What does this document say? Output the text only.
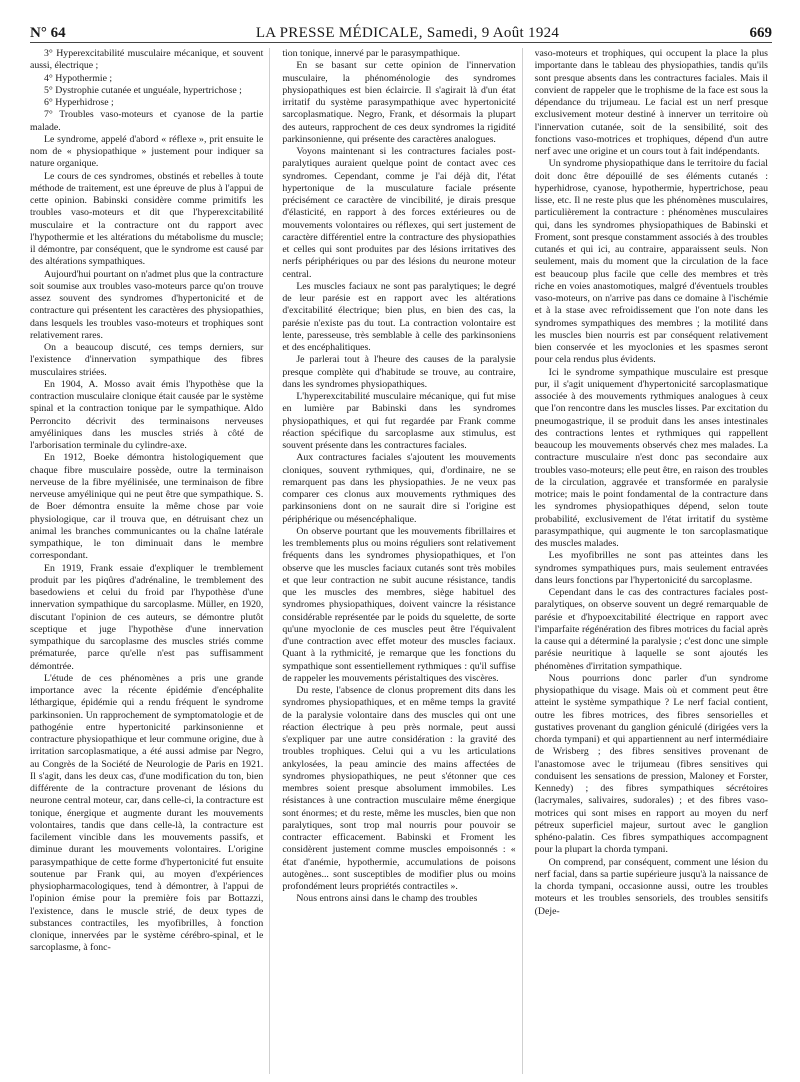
N° 64	LA PRESSE MÉDICALE, Samedi, 9 Août 1924	669

3° Hyperexcitabilité musculaire mécanique, et souvent aussi, électrique ;

4° Hypothermie ;

5° Dystrophie cutanée et unguéale, hypertrichose ;

6° Hyperhidrose ;

7° Troubles vaso-moteurs et cyanose de la partie malade.

Le syndrome, appelé d'abord « réflexe », prit ensuite le nom de « physiopathique » justement pour indiquer sa nature organique.

Le cours de ces syndromes, obstinés et rebelles à toute méthode de traitement, est une épreuve de plus à l'appui de cette opinion. Babinski considère comme primitifs les troubles vaso-moteurs et dit que l'hyperexcitabilité musculaire et la contracture ont du rapport avec l'hypothermie et les altérations du métabolisme du muscle; il démontre, par conséquent, que le syndrome est causé par des altérations sympathiques.

Aujourd'hui pourtant on n'admet plus que la contracture soit soumise aux troubles vaso-moteurs parce qu'on trouve assez souvent des syndromes d'hypertonicité et de contracture qui présentent les caractères des physiopathies, dans lesquels les troubles vaso-moteurs et trophiques sont relativement rares.

On a beaucoup discuté, ces temps derniers, sur l'existence d'innervation sympathique des fibres musculaires striées.

En 1904, A. Mosso avait émis l'hypothèse que la contraction musculaire clonique était causée par le système spinal et la contraction tonique par le sympathique. Aldo Perroncito décrivit des terminaisons nerveuses amyéliniques dans les muscles striés à côté de l'arborisation terminale du cylindre-axe.

En 1912, Boeke démontra histologiquement que chaque fibre musculaire possède, outre la terminaison nerveuse de la fibre myélinisée, une terminaison de fibre nerveuse amyélinique qui ne peut être que sympathique. S. de Boer démontra ensuite la même chose par voie physiologique, car il trouva que, en détruisant chez un animal les branches communicantes ou la chaîne latérale sympathique, le ton diminuait dans le membre correspondant.

En 1919, Frank essaie d'expliquer le tremblement produit par les piqûres d'adrénaline, le tremblement des basedowiens et celui du froid par l'hypothèse d'une innervation sympathique du sarcoplasme. Müller, en 1920, discutant l'opinion de ces auteurs, se démontre plutôt sceptique et juge l'hypothèse d'une innervation sympathique du sarcoplasme des muscles striés comme prématurée, parce qu'elle n'est pas suffisamment démontrée.

L'étude de ces phénomènes a pris une grande importance avec la récente épidémie d'encéphalite léthargique, épidémie qui a rendu fréquent le syndrome parkinsonien. Un rapprochement de symptomatologie et de pathogénie entre hypertonicité parkinsonienne et contracture physiopathique et leur commune origine, due à irritation sarcoplasmatique, a été aussi admise par Negro, au Congrès de la Société de Neurologie de Paris en 1921. Il s'agit, dans les deux cas, d'une modification du ton, bien différente de la contracture provenant de lésions du neurone central moteur, car, dans celle-ci, la contracture est tonique, énergique et augmente durant les mouvements volontaires, tandis que dans celle-là, la contracture est facilement vincible dans les mouvements passifs, et diminue durant les mouvements volontaires. L'origine parasympathique de cette forme d'hypertonicité fut ensuite soutenue par Frank qui, au moyen d'expériences physiopharmacologiques, tend à démontrer, à l'appui de l'opinion émise pour la première fois par Bottazzi, l'existence, dans le muscle strié, de deux types de substances contractiles, les myofibrilles, à fonction clonique, innervées par le système cérébro-spinal, et le sarcoplasme, à fonc-

tion tonique, innervé par le parasympathique.

En se basant sur cette opinion de l'innervation musculaire, la phénoménologie des syndromes physiopathiques est bien éclaircie. Il s'agirait là d'un état irritatif du système parasympathique avec hypertonicité sarcoplasmatique. Negro, Frank, et désormais la plupart des auteurs, rapprochent de ces deux syndromes la rigidité parkinsonienne, qui présente des caractères analogues.

Voyons maintenant si les contractures faciales post-paralytiques auraient quelque point de contact avec ces syndromes. Cependant, comme je l'ai déjà dit, l'état hypertonique de la musculature faciale présente précisément ce caractère de vincibilité, je dirais presque d'élasticité, en rapport à des forces extérieures ou de mouvements volontaires ou réflexes, qui sert justement de caractère différentiel entre la contracture des physiopathies et celles qui sont produites par des lésions irritatives des nerfs périphériques ou par des lésions du neurone moteur central.

Les muscles faciaux ne sont pas paralytiques; le degré de leur parésie est en rapport avec les altérations d'excitabilité électrique; bien plus, en bien des cas, la parésie n'existe pas du tout. La contraction volontaire est lente, paresseuse, très semblable à celle des parkinsoniens et des encéphalitiques.

Je parlerai tout à l'heure des causes de la paralysie presque complète qui d'habitude se trouve, au contraire, dans les syndromes physiopathiques.

L'hyperexcitabilité musculaire mécanique, qui fut mise en lumière par Babinski dans les syndromes physiopathiques, et qui fut regardée par Frank comme réaction spécifique du sarcoplasme aux stimulus, est souvent présente dans les contractures faciales.

Aux contractures faciales s'ajoutent les mouvements cloniques, souvent rythmiques, qui, d'ordinaire, ne se remarquent pas dans les physiopathies. Je ne veux pas comparer ces clonus aux mouvements rythmiques des parkinsoniens dont on ne saurait dire si l'origine est périphérique ou mésencéphalique.

On observe pourtant que les mouvements fibrillaires et les tremblements plus ou moins réguliers sont relativement fréquents dans les syndromes physiopathiques, et l'on observe que les muscles faciaux cutanés sont très mobiles et que leur contraction ne subit aucune résistance, tandis que les muscles des membres, siège habituel des syndromes physiopathiques, doivent vaincre la résistance considérable représentée par le poids du squelette, de sorte qu'une myoclonie de ces muscles peut être l'équivalent d'une contraction avec effet moteur des muscles faciaux. Quant à la rythmicité, je remarque que les fonctions du sympathique sont essentiellement rythmiques : qu'il suffise de rappeler les mouvements péristaltiques des viscères.

Du reste, l'absence de clonus proprement dits dans les syndromes physiopathiques, et en même temps la gravité de la paralysie volontaire dans des muscles qui ont une réaction électrique à peu près normale, peut aussi s'expliquer par une autre considération : la gravité des troubles trophiques. Celui qui a vu les articulations ankylosées, la peau amincie des mains affectées de syndromes physiopathiques, ne peut s'étonner que ces membres soient presque absolument immobiles. Les résistances à une contraction musculaire même énergique sont énormes; et du reste, même les muscles, bien que non paralytiques, sont trop mal nourris pour pouvoir se contracter efficacement. Babinski et Froment les considèrent justement comme muscles empoisonnés : « état d'anémie, hypothermie, accumulations de poisons autogènes... sont susceptibles de modifier plus ou moins profondément leurs propriétés contractiles ».

Nous entrons ainsi dans le champ des troubles

vaso-moteurs et trophiques, qui occupent la place la plus importante dans le tableau des physiopathies, tandis qu'ils sont presque absents dans les contractures faciales. Mais il convient de rappeler que le trophisme de la face est sous la dépendance du trijumeau. Le facial est un nerf presque exclusivement moteur destiné à innerver un territoire où l'innervation cutanée, soit de la sensibilité, soit des fonctions vaso-motrices et trophiques, dépend d'un autre nerf avec une origine et un cours tout à fait indépendants.

Un syndrome physiopathique dans le territoire du facial doit donc être dépouillé de ses éléments cutanés : hyperhidrose, cyanose, hypothermie, hypertrichose, peau lisse, etc. Il ne reste plus que les phénomènes musculaires, particulièrement la contracture : phénomènes musculaires qui, dans les syndromes physiopathiques de Babinski et Froment, sont presque constamment associés à des troubles cutanés et qui ici, au contraire, apparaissent seuls. Non seulement, mais du moment que la circulation de la face est beaucoup plus facile que celle des membres et très riche en voies anastomotiques, malgré d'éventuels troubles vaso-moteurs, on n'arrive pas dans ce domaine à l'ischémie et à la stase avec refroidissement que l'on note dans les syndromes sympathiques des membres ; la motilité dans les muscles bien nourris est par conséquent relativement bien conservée et les myoclonies et les spasmes seront pour cela rendus plus évidents.

Ici le syndrome sympathique musculaire est presque pur, il s'agit uniquement d'hypertonicité sarcoplasmatique associée à des mouvements rythmiques analogues à ceux que l'on rencontre dans les muscles lisses. Par excitation du pneumogastrique, il se produit dans les anses intestinales des contractions lentes et rythmiques qui rappellent beaucoup les mouvements observés chez mes malades. La contracture musculaire n'est donc pas secondaire aux troubles vaso-moteurs; elle peut être, en raison des troubles de la circulation, aggravée et transformée en paralysie motrice; mais le point fondamental de la contracture dans les syndromes physiopathiques dépend, selon toute probabilité, exclusivement de l'état irritatif du système parasympathique, qui augmente le ton sarcoplasmatique des muscles malades.

Les myofibrilles ne sont pas atteintes dans les syndromes sympathiques purs, mais seulement entravées dans leurs fonctions par l'hypertonicité du sarcoplasme.

Cependant dans le cas des contractures faciales post-paralytiques, on observe souvent un degré remarquable de parésie et d'hypoexcitabilité électrique en rapport avec l'imparfaite régénération des fibres motrices du facial après la cause qui a déterminé la paralysie ; c'est donc une simple parésie neuritique à laquelle se sont ajoutés les phénomènes d'irritation sympathique.

Nous pourrions donc parler d'un syndrome physiopathique du visage. Mais où et comment peut être atteint le système sympathique ? Le nerf facial contient, outre les fibres motrices, des fibres sensorielles et gustatives provenant du ganglion géniculé (dirigées vers la chorda tympani) et qui appartiennent au nerf intermédiaire de Wrisberg ; des fibres sensitives provenant de l'anastomose avec le trijumeau (fibres sensitives qui conduisent les sensations de pression, Maloney et Forster, Kennedy) ; des fibres sympathiques sécrétoires (lacrymales, salivaires, sudorales) ; et des fibres vaso-motrices qui sont mises en rapport au moyen du nerf pétreux superficiel majeur, surtout avec le ganglion sphéno-palatin. Ces fibres sympathiques accompagnent pour la plupart la chorda tympani.

On comprend, par conséquent, comment une lésion du nerf facial, dans sa partie supérieure jusqu'à la naissance de la chorda tympani, occasionne aussi, outre les troubles moteurs et les troubles sensoriels, des troubles sensitifs (Deje-
